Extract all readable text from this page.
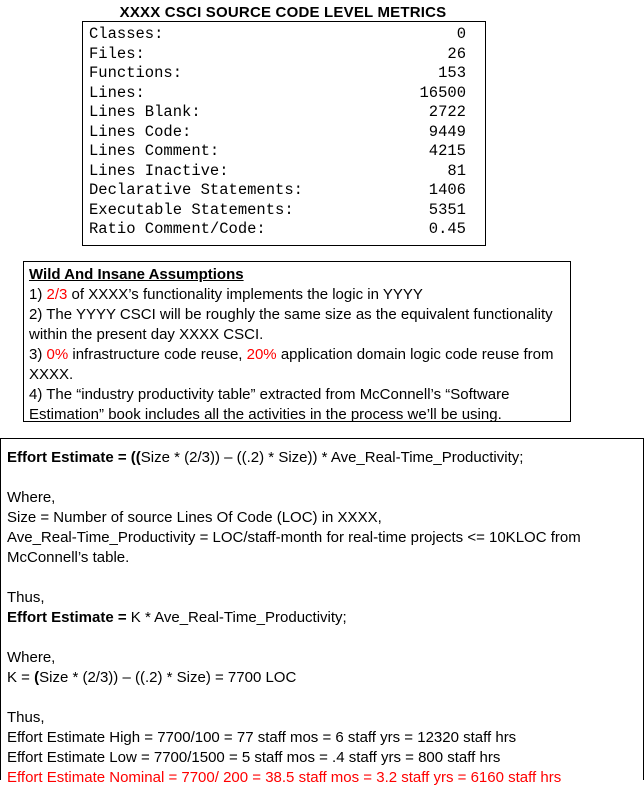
XXXX CSCI SOURCE CODE LEVEL METRICS
Classes:	0
Files:	26
Functions:	153
Lines:	16500
Lines Blank:	2722
Lines Code:	9449
Lines Comment:	4215
Lines Inactive:	81
Declarative Statements:	1406
Executable Statements:	5351
Ratio Comment/Code:	0.45
Wild And Insane Assumptions
1) 2/3 of XXXX’s functionality implements the logic in YYYY
2) The YYYY CSCI will be roughly the same size as the equivalent functionality within the present day XXXX CSCI.
3) 0% infrastructure code reuse, 20% application domain logic code reuse from XXXX.
4) The “industry productivity table” extracted from McConnell’s “Software Estimation” book includes all the activities in the process we’ll be using.

Effort Estimate = ((Size * (2/3)) – ((.2) * Size)) * Ave_Real-Time_Productivity;

Where,

Size = Number of source Lines Of Code (LOC) in XXXX,

Ave_Real-Time_Productivity = LOC/staff-month for real-time projects <= 10KLOC from McConnell’s table.

Thus,

Effort Estimate = K * Ave_Real-Time_Productivity;

Where,

K = (Size * (2/3)) – ((.2) * Size) = 7700 LOC

Thus,

Effort Estimate High = 7700/100 = 77 staff mos = 6 staff yrs = 12320 staff hrs

Effort Estimate Low = 7700/1500 = 5 staff mos = .4 staff yrs = 800 staff hrs

Effort Estimate Nominal = 7700/ 200 = 38.5 staff mos = 3.2 staff yrs = 6160 staff hrs
